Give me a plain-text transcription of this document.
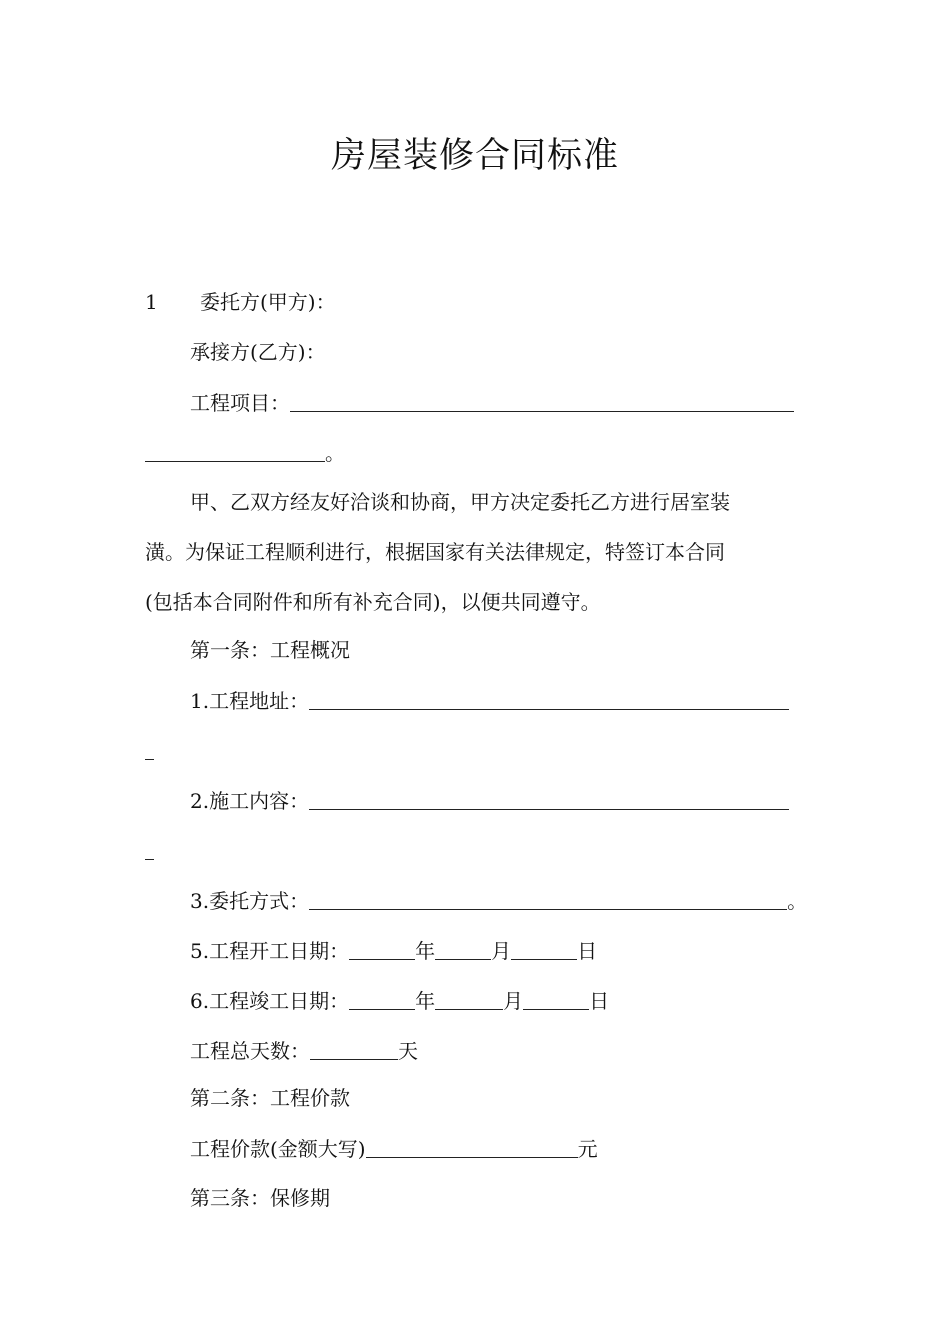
房屋装修合同标准
1 委托方(甲方)：
承接方(乙方)：
工程项目：
。
甲、乙双方经友好洽谈和协商，甲方决定委托乙方进行居室装
潢。为保证工程顺利进行，根据国家有关法律规定，特签订本合同
(包括本合同附件和所有补充合同)，以便共同遵守。
第一条：工程概况
1.工程地址：
2.施工内容：
3.委托方式：	。
5.工程开工日期：	年	月	日
6.工程竣工日期：	年	月	日
工程总天数：	天
第二条：工程价款
工程价款(金额大写)	元
第三条：保修期
